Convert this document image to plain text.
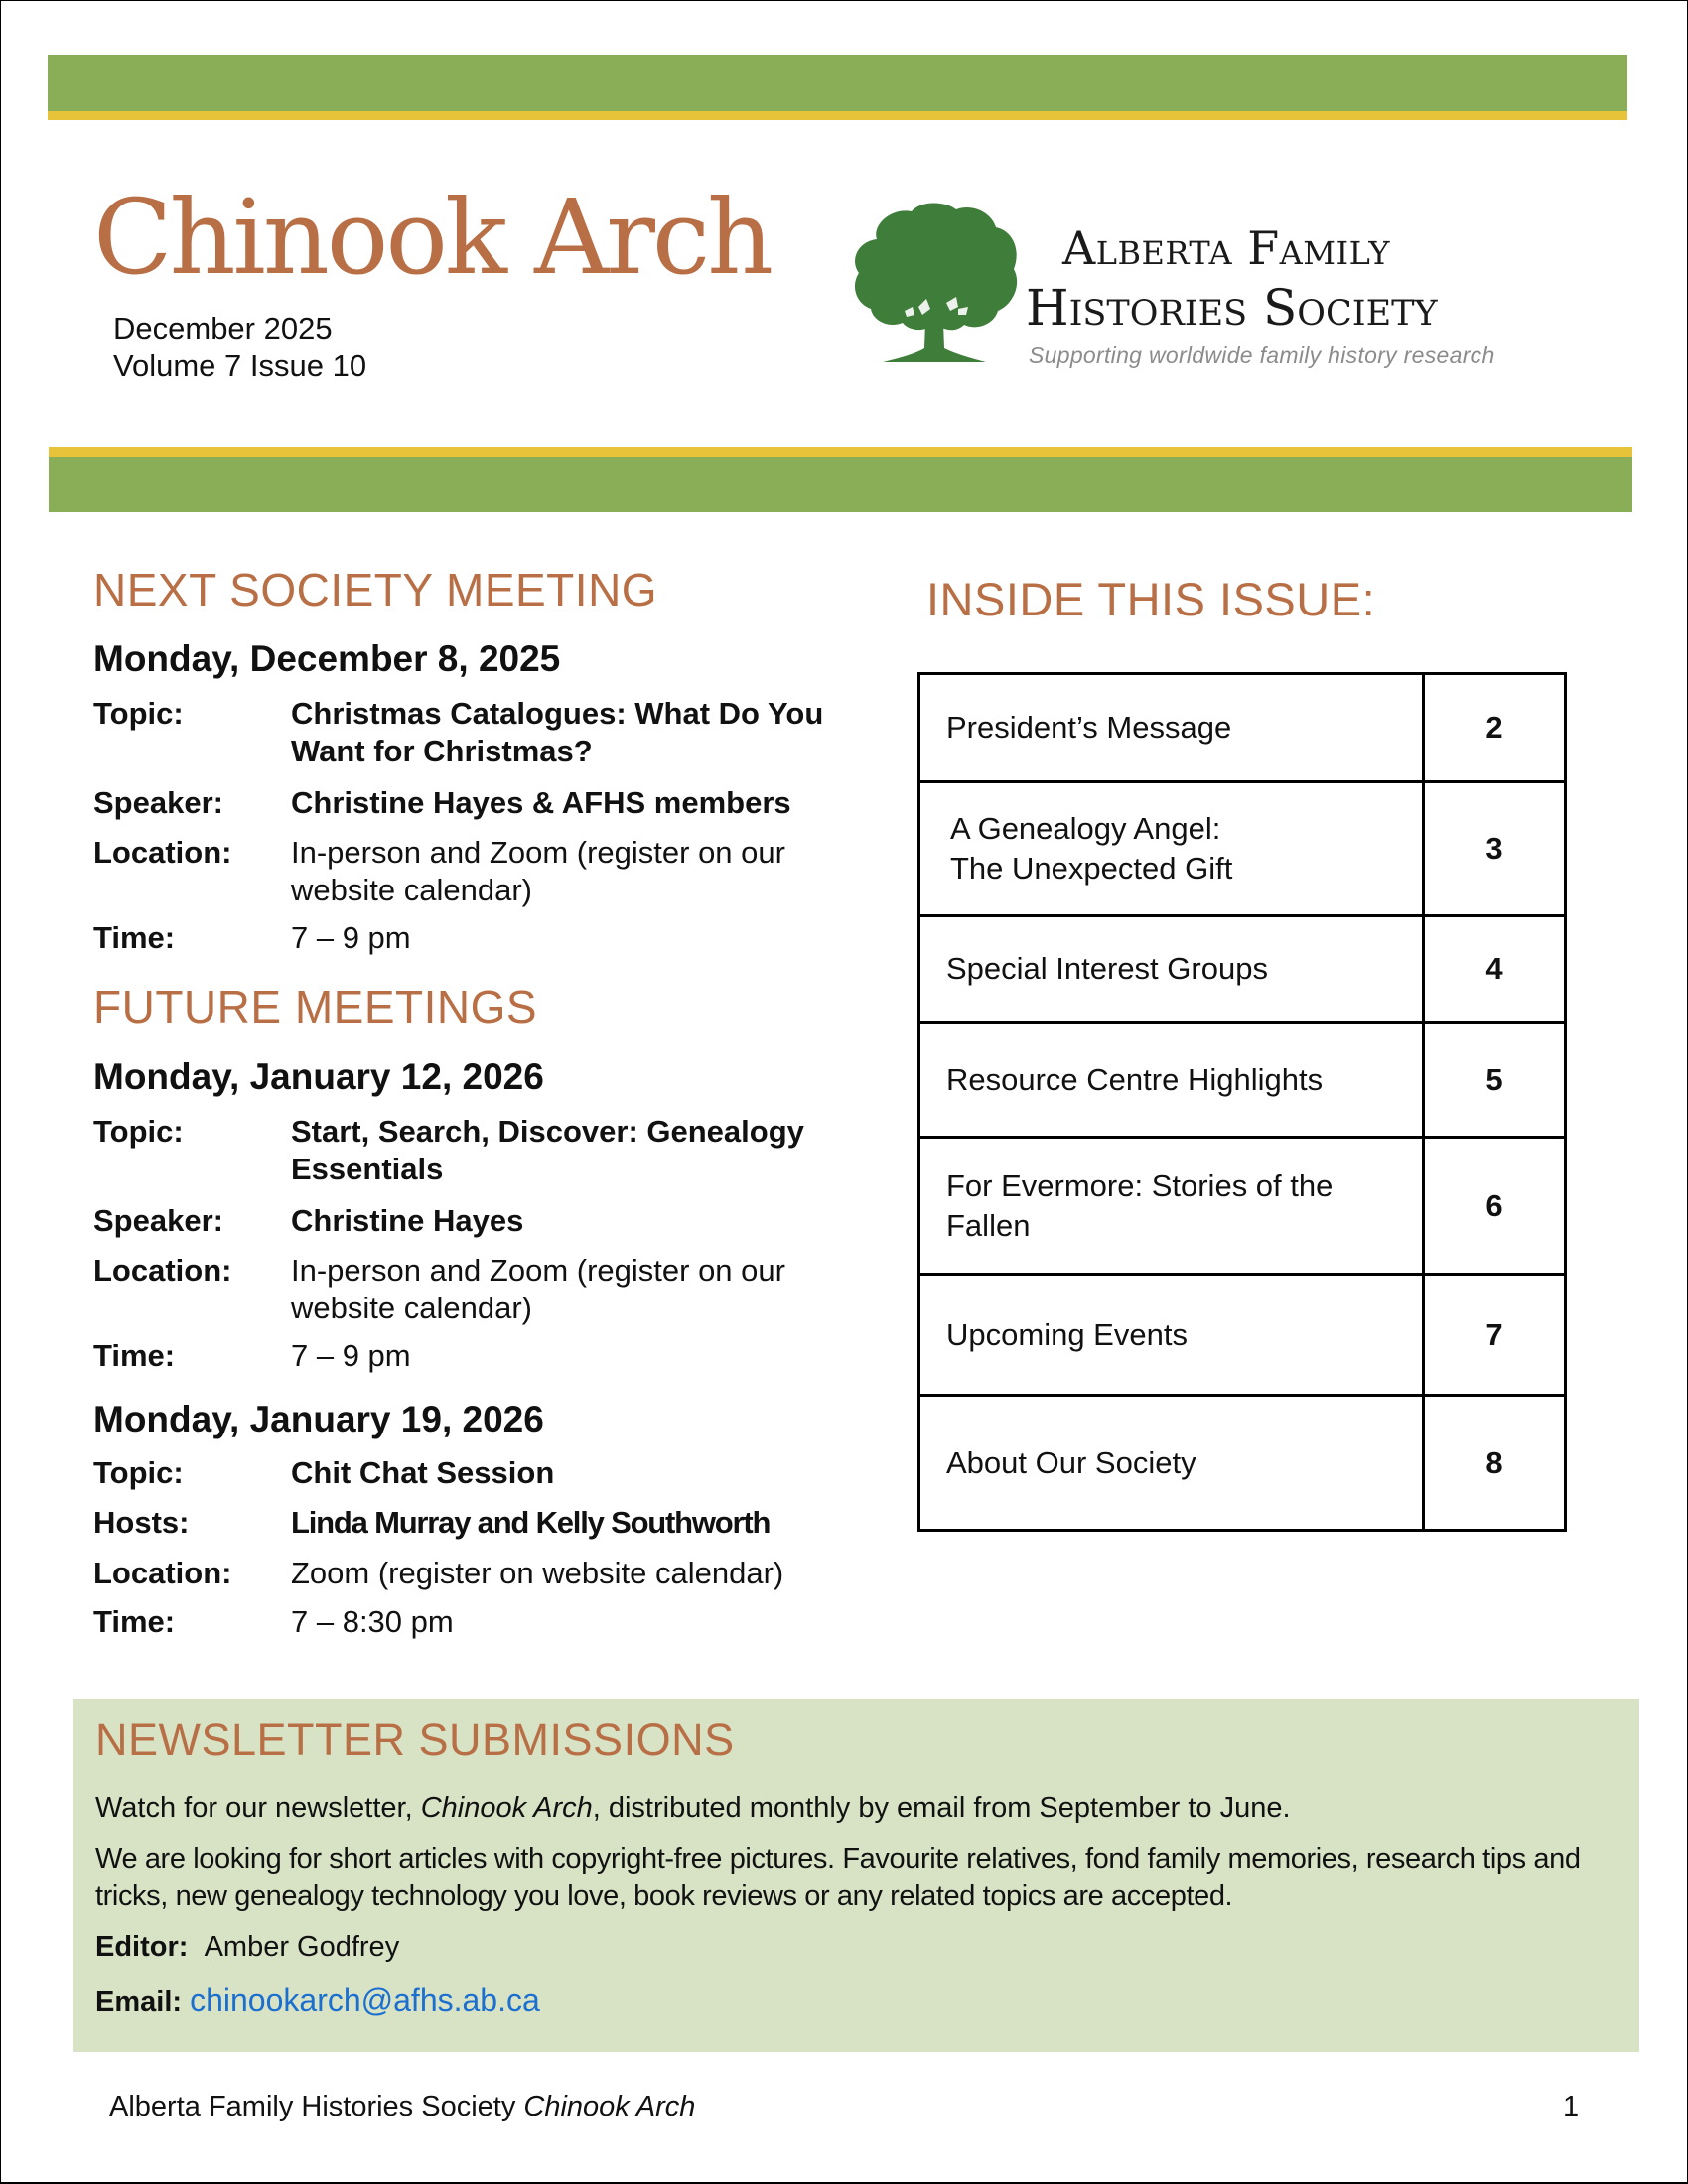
Chinook Arch
December 2025
Volume 7 Issue 10
Alberta Family
Histories Society
Supporting worldwide family history research
NEXT SOCIETY MEETING
Monday, December 8, 2025
Topic:	Christmas Catalogues: What Do You Want for Christmas?
Speaker: Christine Hayes & AFHS members
Location: In-person and Zoom (register on our website calendar)
Time:	7 – 9 pm
FUTURE MEETINGS
Monday, January 12, 2026
Topic:	Start, Search, Discover: Genealogy Essentials
Speaker: Christine Hayes
Location: In-person and Zoom (register on our website calendar)
Time:	7 – 9 pm
Monday, January 19, 2026
Topic:	Chit Chat Session
Hosts:	Linda Murray and Kelly Southworth
Location: Zoom (register on website calendar)
Time:	7 – 8:30 pm
INSIDE THIS ISSUE:
President’s Message	2

A Genealogy Angel:
The Unexpected Gift	3
Special Interest Groups	4
Resource Centre Highlights	5
For Evermore: Stories of the Fallen	6
Upcoming Events	7
About Our Society	8
NEWSLETTER SUBMISSIONS
Watch for our newsletter, Chinook Arch, distributed monthly by email from September to June.
We are looking for short articles with copyright-free pictures. Favourite relatives, fond family memories, research tips and tricks, new genealogy technology you love, book reviews or any related topics are accepted.
Editor: Amber Godfrey
Email: chinookarch@afhs.ab.ca
Alberta Family Histories Society Chinook Arch	1
